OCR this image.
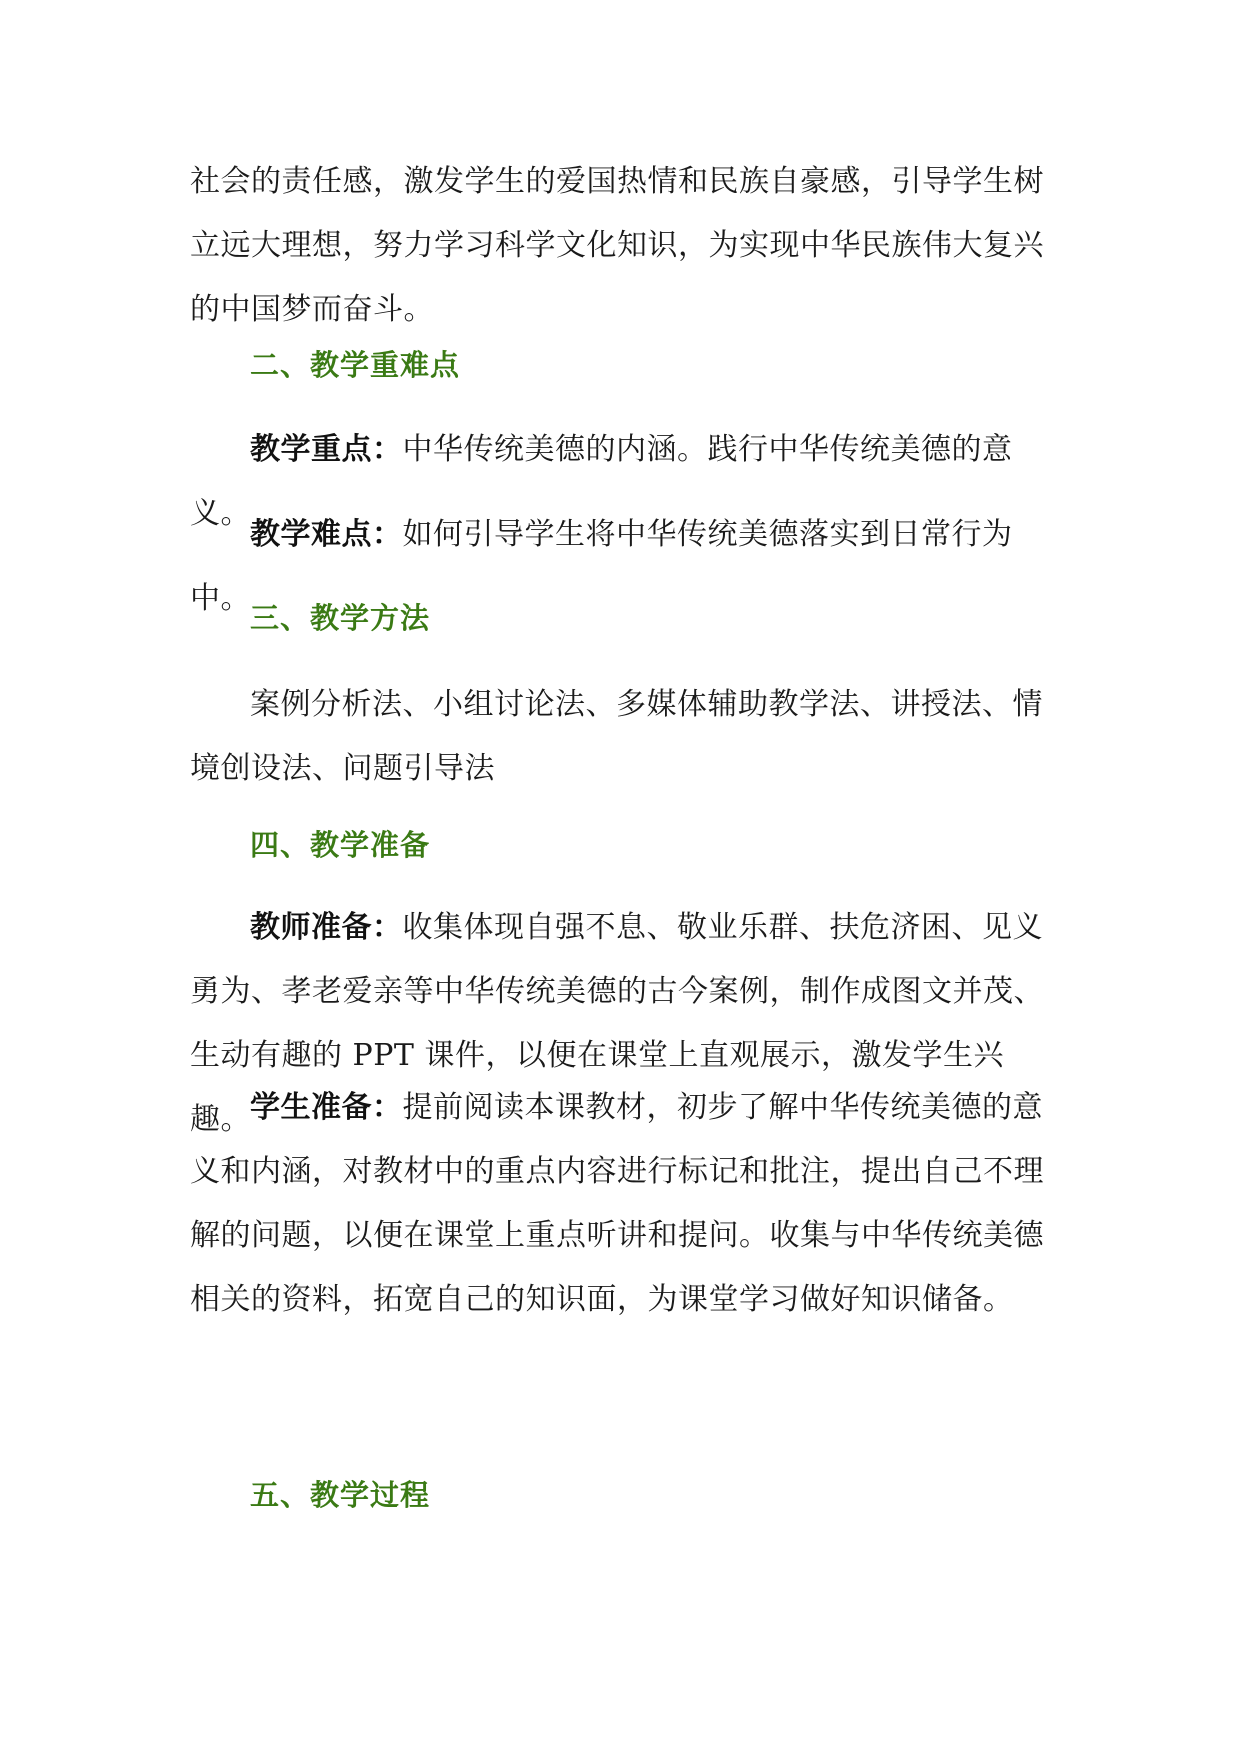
社会的责任感，激发学生的爱国热情和民族自豪感，引导学生树立远大理想，努力学习科学文化知识，为实现中华民族伟大复兴的中国梦而奋斗。

二、教学重难点

教学重点：中华传统美德的内涵。践行中华传统美德的意义。

教学难点：如何引导学生将中华传统美德落实到日常行为中。

三、教学方法

案例分析法、小组讨论法、多媒体辅助教学法、讲授法、情境创设法、问题引导法

四、教学准备

教师准备：收集体现自强不息、敬业乐群、扶危济困、见义勇为、孝老爱亲等中华传统美德的古今案例，制作成图文并茂、生动有趣的 PPT 课件，以便在课堂上直观展示，激发学生兴趣。 学生准备：提前阅读本课教材，初步了解中华传统美德的意义和内涵，对教材中的重点内容进行标记和批注，提出自己不理解的问题，以便在课堂上重点听讲和提问。收集与中华传统美德相关的资料，拓宽自己的知识面，为课堂学习做好知识储备。

五、教学过程
